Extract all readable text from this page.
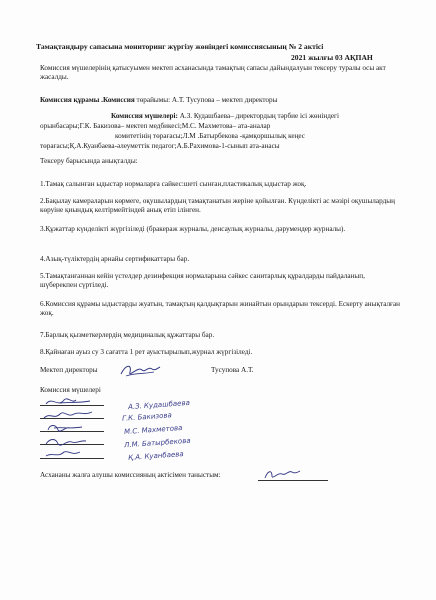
Тамақтандыру сапасына мониторинг жүргізу жөніндегі комиссиясының № 2 актісі

2021 жылғы 03 АҚПАН

Комиссия мүшелерінің қатысуымен мектеп асханасында тамақтың сапасы дайындалуын тексеру туралы осы акт жасалды.

Комиссия құрамы .Комиссия төрайымы: А.Т. Тусупова – мектеп директоры

Комиссия мүшелері: А.З. Кудашбаева– директордың тәрбие ісі жөніндегі

орынбасары;Г.К. Бакизова– мектеп медбикесі;М.С. Махметова– ата-аналар

комитетінің төрағасы;Л.М .Батырбекова -қамқоршылық кеңес

төрағасы;Қ.А.Куанбаева-әлеуметтік педагог;А.Б.Рахимова-1-сынып ата-анасы

Тексеру барысында анықталды:

1.Тамақ салынған ыдыстар нормаларға сайкес:шеті сынған,пластикалық ыдыстар жоқ.

2.Бақылау камераларын көрмеге, оқушылардың тамақтанатын жеріне қойылған. Күнделікті ас мәзірі оқушылардың көруіне қиындық келтірмейтіндей анық етіп ілінген.

3.Құжаттар күнделікті жүргізіледі (бракераж журналы, денсаулық журналы, дәрумендер журналы).

4.Азық-түліктердің арнайы сертификаттары бар.

5.Тамақтанғаннан кейін үстелдер дезинфекция нормаларына сәйкес санитарлық құралдарды пайдаланып, шүберекпен сүртіледі.

6.Комиссия құрамы ыдыстарды жуатын, тамақтың қалдықтарын жинайтын орындарын тексерді. Ескерту анықталған жоқ.

7.Барлық қызметкерлердің медициналық құжаттары бар.

8.Қайнаған ауыз су 3 сағатта 1 рет ауыстырылып,журнал жүргізіледі.

Мектеп директоры	Тусупова А.Т.

Комиссия мүшелері

А.З. Кудашбаева
Г.К. Бакизова
М.С. Махметова
Л.М. Батырбекова
Қ.А. Куанбаева

Асхананы жалға алушы комиссияның актісімен таныстым:
